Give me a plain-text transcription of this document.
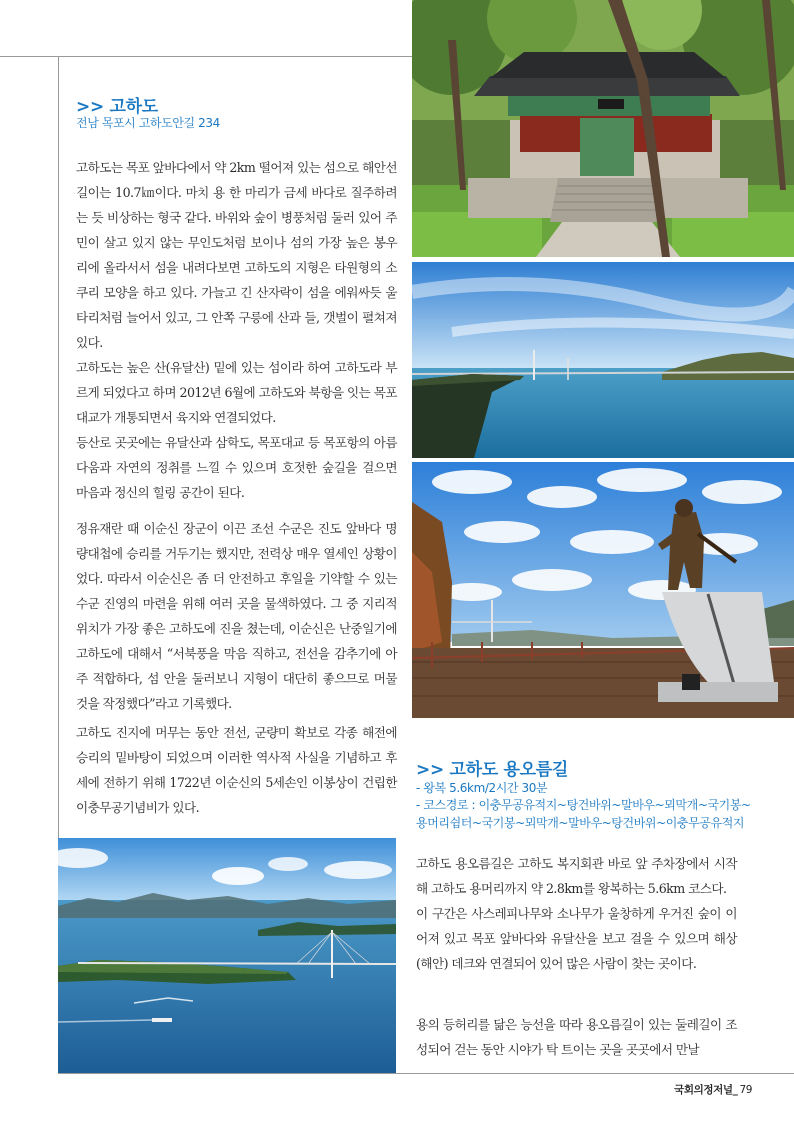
>> 고하도
전남 목포시 고하도안길 234

고하도는 목포 앞바다에서 약 2km 떨어져 있는 섬으로 해안선 길이는 10.7㎞이다. 마치 용 한 마리가 금세 바다로 질주하려는 듯 비상하는 형국 같다. 바위와 숲이 병풍처럼 둘러 있어 주민이 살고 있지 않는 무인도처럼 보이나 섬의 가장 높은 봉우리에 올라서서 섬을 내려다보면 고하도의 지형은 타원형의 소쿠리 모양을 하고 있다. 가늘고 긴 산자락이 섬을 에워싸듯 울타리처럼 늘어서 있고, 그 안쪽 구릉에 산과 들, 갯벌이 펼쳐져 있다.

고하도는 높은 산(유달산) 밑에 있는 섬이라 하여 고하도라 부르게 되었다고 하며 2012년 6월에 고하도와 북항을 잇는 목포대교가 개통되면서 육지와 연결되었다.
등산로 곳곳에는 유달산과 삼학도, 목포대교 등 목포항의 아름다움과 자연의 정취를 느낄 수 있으며 호젓한 숲길을 걸으면 마음과 정신의 힐링 공간이 된다.

정유재란 때 이순신 장군이 이끈 조선 수군은 진도 앞바다 명량대첩에 승리를 거두기는 했지만, 전력상 매우 열세인 상황이었다. 따라서 이순신은 좀 더 안전하고 후일을 기약할 수 있는 수군 진영의 마련을 위해 여러 곳을 물색하였다. 그 중 지리적 위치가 가장 좋은 고하도에 진을 쳤는데, 이순신은 난중일기에 고하도에 대해서 “서북풍을 막음 직하고, 전선을 감추기에 아주 적합하다, 섬 안을 둘러보니 지형이 대단히 좋으므로 머물 것을 작정했다”라고 기록했다.

고하도 진지에 머무는 동안 전선, 군량미 확보로 각종 해전에 승리의 밑바탕이 되었으며 이러한 역사적 사실을 기념하고 후세에 전하기 위해 1722년 이순신의 5세손인 이봉상이 건립한 이충무공기념비가 있다.

>> 고하도 용오름길
- 왕복 5.6km/2시간 30분
- 코스경로 : 이충무공유적지~탕건바위~말바우~뫼막개~국기봉~용머리쉼터~국기봉~뫼막개~말바우~탕건바위~이충무공유적지

고하도 용오름길은 고하도 복지회관 바로 앞 주차장에서 시작해 고하도 용머리까지 약 2.8km를 왕복하는 5.6km 코스다.
이 구간은 사스레피나무와 소나무가 울창하게 우거진 숲이 이어져 있고 목포 앞바다와 유달산을 보고 걸을 수 있으며 해상(해안) 데크와 연결되어 있어 많은 사람이 찾는 곳이다.

용의 등허리를 닮은 능선을 따라 용오름길이 있는 둘레길이 조성되어 걷는 동안 시야가 탁 트이는 곳을 곳곳에서 만날

국회의정저널_ 79
